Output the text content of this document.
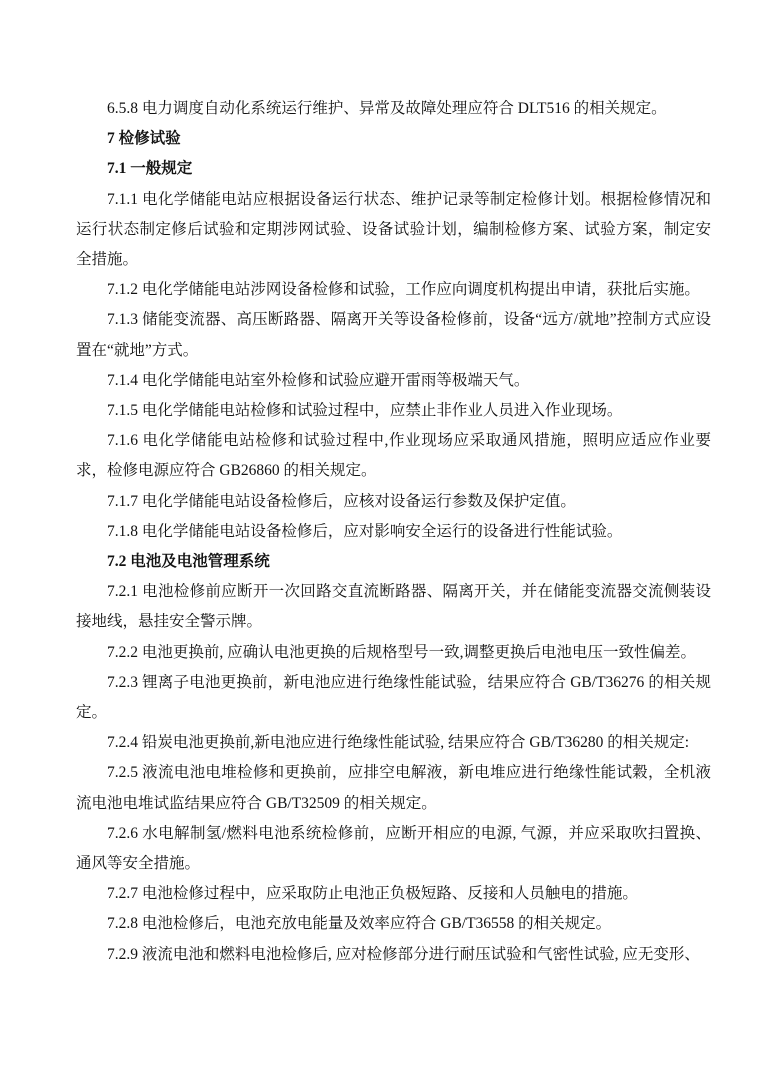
6.5.8 电力调度自动化系统运行维护、异常及故障处理应符合 DLT516 的相关规定。

7 检修试验

7.1 一般规定

7.1.1 电化学储能电站应根据设备运行状态、维护记录等制定检修计划。根据检修情况和运行状态制定修后试验和定期涉网试验、设备试验计划，编制检修方案、试验方案，制定安全措施。

7.1.2 电化学储能电站涉网设备检修和试验，工作应向调度机构提出申请，获批后实施。

7.1.3 储能变流器、高压断路器、隔离开关等设备检修前，设备“远方/就地”控制方式应设置在“就地”方式。

7.1.4 电化学储能电站室外检修和试验应避开雷雨等极端天气。

7.1.5 电化学储能电站检修和试验过程中，应禁止非作业人员进入作业现场。

7.1.6 电化学储能电站检修和试验过程中,作业现场应采取通风措施，照明应适应作业要求，检修电源应符合 GB26860 的相关规定。

7.1.7 电化学储能电站设备检修后，应核对设备运行参数及保护定值。

7.1.8 电化学储能电站设备检修后，应对影响安全运行的设备进行性能试验。

7.2 电池及电池管理系统

7.2.1 电池检修前应断开一次回路交直流断路器、隔离开关，并在储能变流器交流侧装设接地线，悬挂安全警示牌。

7.2.2 电池更换前, 应确认电池更换的后规格型号一致,调整更换后电池电压一致性偏差。

7.2.3 锂离子电池更换前，新电池应进行绝缘性能试验，结果应符合 GB/T36276 的相关规定。

7.2.4 铅炭电池更换前,新电池应进行绝缘性能试验, 结果应符合 GB/T36280 的相关规定:

7.2.5 液流电池电堆检修和更换前，应排空电解液，新电堆应进行绝缘性能试穀，全机液流电池电堆试监结果应符合 GB/T32509 的相关规定。

7.2.6 水电解制氢/燃料电池系统检修前，应断开相应的电源, 气源，并应采取吹扫置换、通风等安全措施。

7.2.7 电池检修过程中，应采取防止电池正负极短路、反接和人员触电的措施。

7.2.8 电池检修后，电池充放电能量及效率应符合 GB/T36558 的相关规定。

7.2.9 液流电池和燃料电池检修后, 应对检修部分进行耐压试验和气密性试验, 应无变形、
